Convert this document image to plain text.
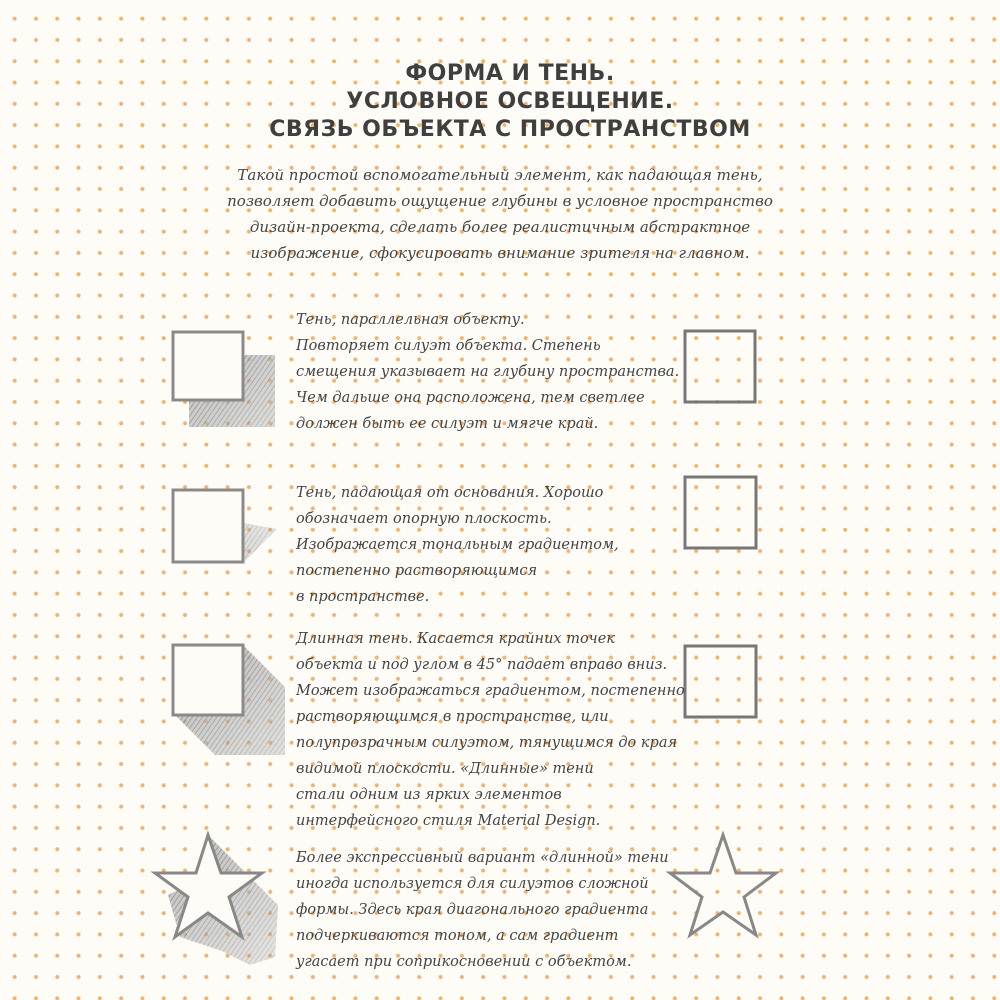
ФОРМА И ТЕНЬ.
УСЛОВНОЕ ОСВЕЩЕНИЕ.
СВЯЗЬ ОБЪЕКТА С ПРОСТРАНСТВОМ
Такой простой вспомогательный элемент, как падающая тень,
позволяет добавить ощущение глубины в условное пространство
дизайн-проекта, сделать более реалистичным абстрактное
изображение, сфокусировать внимание зрителя на главном.
Тень, параллельная объекту.
Повторяет силуэт объекта. Степень
смещения указывает на глубину пространства.
Чем дальше она расположена, тем светлее
должен быть ее силуэт и мягче край.
Тень, падающая от основания. Хорошо
обозначает опорную плоскость.
Изображается тональным градиентом,
постепенно растворяющимся
в пространстве.
Длинная тень. Касается крайних точек
объекта и под углом в 45° падает вправо вниз.
Может изображаться градиентом, постепенно
растворяющимся в пространстве, или
полупрозрачным силуэтом, тянущимся до края
видимой плоскости. «Длинные» тени
стали одним из ярких элементов
интерфейсного стиля Material Design.
Более экспрессивный вариант «длинной» тени
иногда используется для силуэтов сложной
формы. Здесь края диагонального градиента
подчеркиваются тоном, а сам градиент
угасает при соприкосновении с объектом.
